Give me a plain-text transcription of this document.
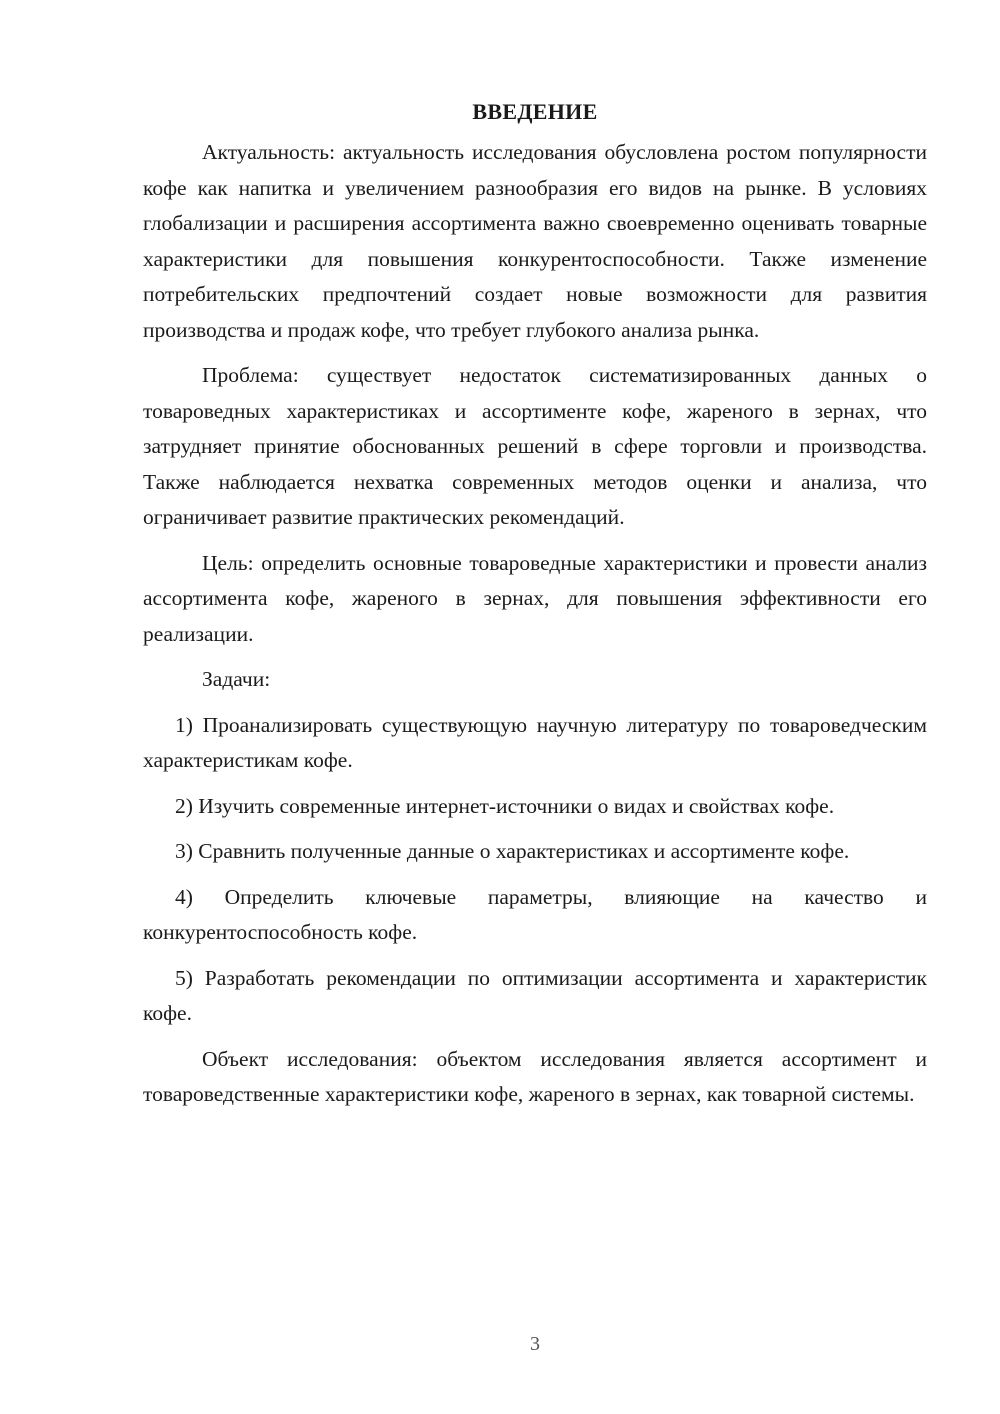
ВВЕДЕНИЕ

Актуальность: актуальность исследования обусловлена ростом популярности кофе как напитка и увеличением разнообразия его видов на рынке. В условиях глобализации и расширения ассортимента важно своевременно оценивать товарные характеристики для повышения конкурентоспособности. Также изменение потребительских предпочтений создает новые возможности для развития производства и продаж кофе, что требует глубокого анализа рынка.

Проблема: существует недостаток систематизированных данных о товароведных характеристиках и ассортименте кофе, жареного в зернах, что затрудняет принятие обоснованных решений в сфере торговли и производства. Также наблюдается нехватка современных методов оценки и анализа, что ограничивает развитие практических рекомендаций.

Цель: определить основные товароведные характеристики и провести анализ ассортимента кофе, жареного в зернах, для повышения эффективности его реализации.

Задачи:

1) Проанализировать существующую научную литературу по товароведческим характеристикам кофе.

2) Изучить современные интернет-источники о видах и свойствах кофе.

3) Сравнить полученные данные о характеристиках и ассортименте кофе.

4) Определить ключевые параметры, влияющие на качество и конкурентоспособность кофе.

5) Разработать рекомендации по оптимизации ассортимента и характеристик кофе.

Объект исследования: объектом исследования является ассортимент и товароведственные характеристики кофе, жареного в зернах, как товарной системы.

3
